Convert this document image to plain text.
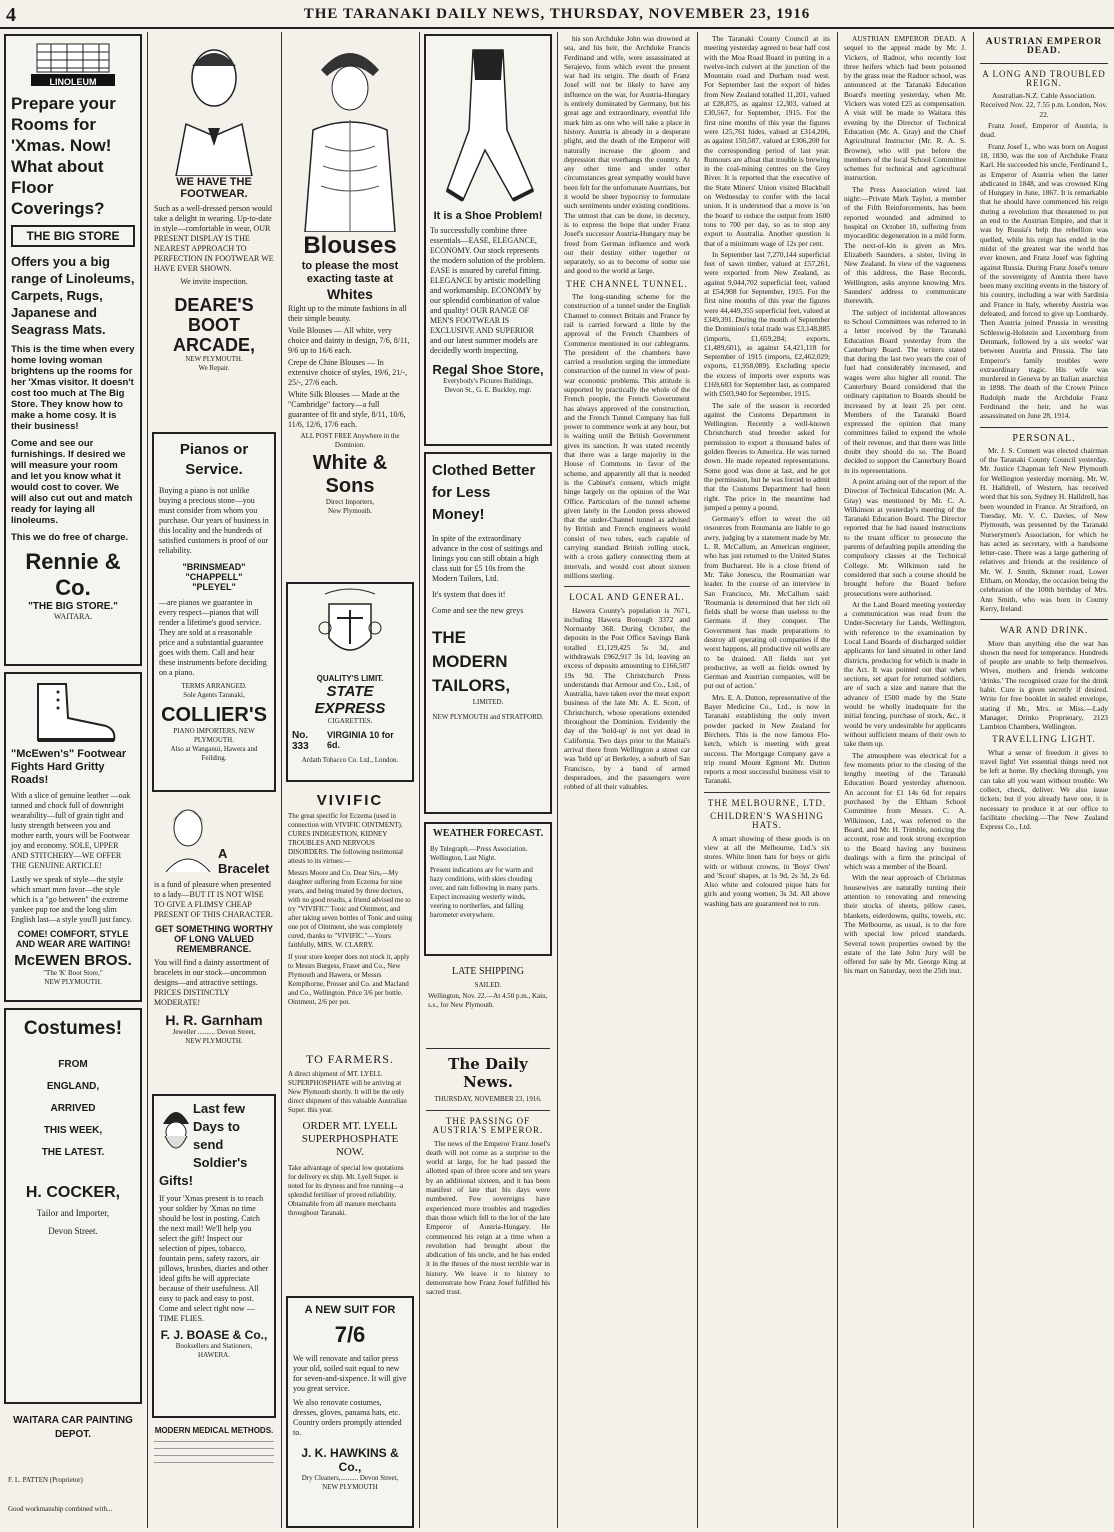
4	THE TARANAKI DAILY NEWS, THURSDAY, NOVEMBER 23, 1916
LINOLEUM
Prepare your Rooms for 'Xmas. Now! What about Floor Coverings?
THE BIG STORE
Offers you a big range of Linoleums, Carpets, Rugs, Japanese and Seagrass Mats.
This is the time when every home loving woman brightens up the rooms for her 'Xmas visitor. It doesn't cost too much at The Big Store. They know how to make a home cosy. It is their business!
Come and see our furnishings. If desired we will measure your room and let you know what it would cost to cover. We will also cut out and match ready for laying all linoleums.
This we do free of charge.
Rennie & Co.
"THE BIG STORE."
WAITARA.
"McEwen's" Footwear Fights Hard Gritty Roads!
With a slice of genuine leather —oak tanned and chock full of downright wearability—full of grain tight and lusty strength between you and mother earth, yours will be Footwear joy and economy. SOLE, UPPER AND STITCHERY—WE OFFER THE GENUINE ARTICLE!
Lastly we speak of style—the style which smart men favor—the style which is a "go between" the extreme yankee pup toe and the long slim English last—a style you'll just fancy.
COME! COMFORT, STYLE AND WEAR ARE WAITING!
McEWEN BROS.
"The 'K' Boot Store,"
NEW PLYMOUTH.
Costumes!
FROM ENGLAND, ARRIVED THIS WEEK, THE LATEST.
H. COCKER,
Tailor and Importer,
Devon Street.
WAITARA CAR PAINTING DEPOT.
F. L. PATTEN (Proprietor)
Good workmanship combined with...
WE HAVE THE FOOTWEAR.
Such as a well-dressed person would take a delight in wearing. Up-to-date in style—comfortable in wear, OUR PRESENT DISPLAY IS THE NEAREST APPROACH TO PERFECTION IN FOOTWEAR WE HAVE EVER SHOWN.
We invite inspection.
DEARE'S BOOT ARCADE,
NEW PLYMOUTH.
We Repair.
Pianos or Service.
Buying a piano is not unlike buying a precious stone—you must consider from whom you purchase. Our years of business in this locality and the hundreds of satisfied customers is proof of our reliability.
"BRINSMEAD"
"CHAPPELL"
"PLEYEL"
—are pianos we guarantee in every respect—pianos that will render a lifetime's good service. They are sold at a reasonable price and a substantial guarantee goes with them. Call and hear these instruments before deciding on a piano.
TERMS ARRANGED.
Sole Agents Taranaki,
COLLIER'S
PIANO IMPORTERS, NEW PLYMOUTH.
Also at Wanganui, Hawera and Feilding.
A Bracelet
is a fund of pleasure when presented to a lady—BUT IT IS NOT WISE TO GIVE A FLIMSY CHEAP PRESENT OF THIS CHARACTER.
GET SOMETHING WORTHY OF LONG VALUED REMEMBRANCE.
You will find a dainty assortment of bracelets in our stock—uncommon designs—and attractive settings. PRICES DISTINCTLY MODERATE!
H. R. Garnham
Jeweller .......... Devon Street,
NEW PLYMOUTH.
Last few Days to send Soldier's Gifts!
If your 'Xmas present is to reach your soldier by 'Xmas no time should be lost in posting. Catch the next mail! We'll help you select the gift! Inspect our selection of pipes, tobacco, fountain pens, safety razors, air pillows, brushes, diaries and other ideal gifts he will appreciate because of their usefulness. All easy to pack and easy to post. Come and select right now — TIME FLIES.
F. J. BOASE & Co.,
Booksellers and Stationers,
HAWERA.
MODERN MEDICAL METHODS.
Blouses
to please the most exacting taste at
Whites
Right up to the minute fashions in all their simple beauty.
Voile Blouses — All white, very choice and dainty in design, 7/6, 8/11, 9/6 up to 16/6 each.
Crepe de Chine Blouses — In extensive choice of styles, 19/6, 21/-, 25/-, 27/6 each.
White Silk Blouses — Made at the "Cambridge" factory—a full guarantee of fit and style, 8/11, 10/6, 11/6, 12/6, 17/6 each.
ALL POST FREE Anywhere in the Dominion.
White & Sons
Direct Importers,
New Plymouth.
QUALITY'S LIMIT.
STATE EXPRESS
CIGARETTES.
No. 333
VIRGINIA 10 for 6d.
Ardath Tobacco Co. Ltd., London.
VIVIFIC
The great specific for Eczema (used in connection with VIVIFIC OINTMENT). CURES INDIGESTION, KIDNEY TROUBLES AND NERVOUS DISORDERS. The following testimonial attests to its virtues:—
Messrs Moore and Co. Dear Sirs,—My daughter suffering from Eczema for nine years, and being treated by three doctors, with no good results, a friend advised me to try "VIVIFIC" Tonic and Ointment, and after taking seven bottles of Tonic and using one pot of Ointment, she was completely cured, thanks to "VIVIFIC."—Yours faithfully, MRS. W. CLARRY.
If your store keeper does not stock it, apply to Messrs Burgess, Fraser and Co., New Plymouth and Hawera, or Messrs Kemplhorne, Prosser and Co. and Macland and Co., Wellington. Price 3/6 per bottle. Ointment, 2/6 per pot.
TO FARMERS.
A direct shipment of MT. LYELL SUPERPHOSPHATE will be arriving at New Plymouth shortly. It will be the only direct shipment of this valuable Australian Super. this year.
ORDER MT. LYELL SUPERPHOSPHATE NOW.
Take advantage of special low quotations for delivery ex ship. Mt. Lyell Super. is noted for its dryness and free running—a splendid fertiliser of proved reliability. Obtainable from all manure merchants throughout Taranaki.
A NEW SUIT FOR
7/6
We will renovate and tailor press your old, soiled suit equal to new for seven-and-sixpence. It will give you great service.
We also renovate costumes, dresses, gloves, panama hats, etc. Country orders promptly attended to.
J. K. HAWKINS & Co.,
Dry Cleaners,.......... Devon Street,
NEW PLYMOUTH
It is a Shoe Problem!
To successfully combine three essentials—EASE, ELEGANCE, ECONOMY. Our stock represents the modern solution of the problem. EASE is assured by careful fitting. ELEGANCE by artistic modelling and workmanship. ECONOMY by our splendid combination of value and quality! OUR RANGE OF MEN'S FOOTWEAR IS EXCLUSIVE AND SUPERIOR and our latest summer models are decidedly worth inspecting.
Regal Shoe Store,
Everybody's Pictures Buildings,
Devon St., G. E. Buckley, mgr.
Clothed Better for Less Money!
In spite of the extraordinary advance in the cost of suitings and linings you can still obtain a high class suit for £5 10s from the Modern Tailors, Ltd.
It's system that does it!
Come and see the new greys
THE MODERN TAILORS,
LIMITED.
NEW PLYMOUTH and STRATFORD.
WEATHER FORECAST.
By Telegraph.—Press Association. Wellington, Last Night.
Present indications are for warm and hazy conditions, with skies clouding over, and rain following in many parts. Expect increasing westerly winds, veering to northerlies, and falling barometer everywhere.
LATE SHIPPING
SAILED.
Wellington, Nov. 22.—At 4.50 p.m., Kaiu, s.s., for New Plymouth.
The Daily News.
THURSDAY, NOVEMBER 23, 1916.
THE PASSING OF AUSTRIA'S EMPEROR.

The news of the Emperor Franz Josef's death will not come as a surprise to the world at large, for he had passed the allotted span of three score and ten years by an additional sixteen, and it has been manifest of late that his days were numbered. Few sovereigns have experienced more troubles and tragedies than those which fell to the lot of the late Emperor of Austria-Hungary. He commenced his reign at a time when a revolution had brought about the abdication of his uncle, and he has ended it in the throes of the most terrible war in history. We leave it to history to demonstrate how Franz Josef fulfilled his sacred trust.

his son Archduke John was drowned at sea, and his heir, the Archduke Francis Ferdinand and wife, were assassinated at Serajevo, from which event the present war had its origin. The death of Franz Josef will not be likely to have any influence on the war, for Austria-Hungary is entirely dominated by Germany, but his great age and extraordinary, eventful life mark him as one who will take a place in history. Austria is already in a desperate plight, and the death of the Emperor will naturally increase the gloom and depression that overhangs the country. At any other time and under other circumstances great sympathy would have been felt for the unfortunate Austrians, but it would be sheer hypocrisy to formulate such sentiments under existing conditions. The utmost that can be done, in decency, is to express the hope that under Franz Josef's successor Austria-Hungary may be freed from German influence and work out their destiny either together or separately, so as to become of some use and good to the world at large.

THE CHANNEL TUNNEL.

The long-standing scheme for the construction of a tunnel under the English Channel to connect Britain and France by rail is carried forward a little by the approval of the French Chambers of Commerce mentioned in our cablegrams. The president of the chambers have carried a resolution urging the immediate construction of the tunnel in view of post-war economic problems. This attitude is supported by practically the whole of the French people, the French Government has always approved of the construction, and the French Tunnel Company has full power to commence work at any hour, but is waiting until the British Government gives its sanction. It was stated recently that there was a large majority in the House of Commons in favor of the scheme, and apparently all that is needed is the Cabinet's consent, which might hinge largely on the opinion of the War Office. Particulars of the tunnel scheme given lately in the London press showed that the under-Channel tunnel as advised by British and French engineers would consist of two tubes, each capable of carrying standard British rolling stock, with a cross gallery connecting them at intervals, and would cost about sixteen millions sterling.

LOCAL AND GENERAL.

Hawera County's population is 7671, including Hawera Borough 3372 and Normanby 368. During October, the deposits in the Post Office Savings Bank totalled £1,129,425 5s 3d, and withdrawals £962,917 3s 1d, leaving an excess of deposits amounting to £166,507 19s 9d. The Christchurch Press understands that Armour and Co., Ltd., of Australia, have taken over the meat export business of the late Mr. A. E. Scott, of Christchurch, whose operations extended throughout the Dominion. Evidently the day of the 'hold-up' is not yet dead in California. Two days prior to the Maitai's arrival there from Wellington a street car was 'held up' at Berkeley, a suburb of San Francisco, by a band of armed desperadoes, and the passengers were robbed of all their valuables.

The Taranaki County Council at its meeting yesterday agreed to bear half cost with the Moa Road Board in putting in a twelve-inch culvert at the junction of the Mountain road and Durham road west. For September last the export of hides from New Zealand totalled 11,201, valued at £28,875, as against 12,303, valued at £30,567, for September, 1915. For the first nine months of this year the figures were 125,761 hides, valued at £314,206, as against 150,587, valued at £306,200 for the corresponding period of last year. Rumours are afloat that trouble is brewing in the coal-mining centres on the Grey River. It is reported that the executive of the State Miners' Union visited Blackball on Wednesday to confer with the local union. It is understood that a move is 'on the board' to reduce the output from 1600 tons to 700 per day, so as to stop any export to Australia. Another question is that of a minimum wage of 12s per cent.

In September last 7,270,144 superficial feet of sawn timber, valued at £57,261, were exported from New Zealand, as against 9,044,702 superficial feet, valued at £54,908 for September, 1915. For the first nine months of this year the figures were 44,449,355 superficial feet, valued at £349,391. During the month of September the Dominion's total trade was £3,148,885 (imports, £1,659,284; exports, £1,489,601), as against £4,421,118 for September of 1915 (imports, £2,462,029; exports, £1,958,089). Excluding specie the excess of imports over exports was £169,683 for September last, as compared with £503,940 for September, 1915.

The sale of the season is recorded against the Customs Department in Wellington. Recently a well-known Christchurch stud breeder asked for permission to export a thousand bales of golden fleeces to America. He was turned down. He made repeated representations. Some good was done at last, and he got the permission, but he was forced to admit that the Customs Department had been right. The price in the meantime had jumped a penny a pound.

Germany's effort to wrest the oil resources from Roumania are liable to go awry, judging by a statement made by Mr. L. R. McCallum, an American engineer, who has just returned to the United States from Bucharest. He is a close friend of Mr. Take Jonescu, the Roumanian war leader. In the course of an interview in San Francisco, Mr. McCallum said: 'Roumania is determined that her rich oil fields shall be worse than useless to the Germans if they conquer. The Government has made preparations to destroy all operating oil companies if the worst happens, all productive oil wells are to be drained. All fields not yet productive, as well as fields owned by German and Austrian companies, will be put out of action.'

Mrs. E. A. Dutton, representative of the Bayer Medicine Co., Ltd., is now in Taranaki establishing the only invert powder packed in New Zealand for Birchers. This is the now famous Flo-ketch, which is meeting with great success. The Mortgage Company gave a trip round Mount Egmont Mr. Dutton reports a most successful business visit to Taranaki.

THE MELBOURNE, LTD.
CHILDREN'S WASHING HATS.

A smart showing of these goods is on view at all the Melbourne, Ltd.'s six stores. White linen hats for boys or girls with or without crowns, in 'Boys' Own' and 'Scout' shapes, at 1s 9d, 2s 3d, 2s 6d. Also white and coloured pique hats for girls and young women, 3s 3d. All above washing hats are guaranteed not to run.

AUSTRIAN EMPEROR DEAD. A sequel to the appeal made by Mr. J. Vickers, of Radnor, who recently lost three heifers which had been poisoned by the grass near the Radnor school, was announced at the Taranaki Education Board's meeting yesterday, when Mr. Vickers was voted £25 as compensation. A visit will be made to Waitara this evening by the Director of Technical Education (Mr. A. Gray) and the Chief Agricultural Instructor (Mr. R. A. S. Browne), who will put before the members of the local School Committee schemes for technical and agricultural instruction.

The Press Association wired last night:—Private Mark Taylor, a member of the Fifth Reinforcements, has been reported wounded and admitted to hospital on October 10, suffering from myocarditic degeneration in a mild form. The next-of-kin is given as Mrs. Elizabeth Saunders, a sister, living in New Zealand. In view of the vagueness of this address, the Base Records, Wellington, asks anyone knowing Mrs. Saunders' address to communicate therewith.

The subject of incidental allowances to School Committees was referred to in a letter received by the Taranaki Education Board yesterday from the Canterbury Board. The writers stated that during the last two years the cost of fuel had considerably increased, and wages were also higher all round. The Canterbury Board considered that the ordinary capitation to Boards should be increased by at least 25 per cent. Members of the Taranaki Board expressed the opinion that many committees failed to expend the whole of their revenue, and that there was little doubt they should do so. The Board decided to support the Canterbury Board in its representations.

A point arising out of the report of the Director of Technical Education (Mr. A. Gray) was mentioned by Mr. C. A. Wilkinson at yesterday's meeting of the Taranaki Education Board. The Director reported that he had issued instructions to the truant officer to prosecute the parents of defaulting pupils attending the compulsory classes at the Technical College. Mr. Wilkinson said he considered that such a course should be brought before the Board before prosecutions were authorised.

At the Land Board meeting yesterday a communication was read from the Under-Secretary for Lands, Wellington, with reference to the examination by Local Land Boards of discharged soldier applicants for land situated in other land districts, producing for which is made in the Act. It was pointed out that when sections, set apart for returned soldiers, are of such a size and nature that the advance of £500 made by the State would be wholly inadequate for the initial fencing, purchase of stock, &c., it would be very undesirable for applicants without sufficient means of their own to take them up.

The atmosphere was electrical for a few moments prior to the closing of the lengthy meeting of the Taranaki Education Board yesterday afternoon. An account for £1 14s 6d for repairs purchased by the Eltham School Committee from Messrs. C. A. Wilkinson, Ltd., was referred to the Board, and Mr. H. Trimble, noticing the account, rose and took strong exception to the Board having any business dealings with a firm the principal of which was a member of the Board.

With the near approach of Christmas housewives are naturally turning their attention to renovating and renewing their stocks of sheets, pillow cases, blankets, eiderdowns, quilts, towels, etc. The Melbourne, as usual, is to the fore with special low priced standards. Several town properties owned by the estate of the late John Jury will be offered for sale by Mr. George King at his mart on Saturday, next the 25th inst.

AUSTRIAN EMPEROR DEAD.
A LONG AND TROUBLED REIGN.

Australian-N.Z. Cable Association. Received Nov. 22, 7.55 p.m. London, Nov. 22.

Franz Josef, Emperor of Austria, is dead.

Franz Josef I., who was born on August 18, 1830, was the son of Archduke Franz Karl. He succeeded his uncle, Ferdinand I., as Emperor of Austria when the latter abdicated in 1848, and was crowned King of Hungary in June, 1867. It is remarkable that he should have commenced his reign during a revolution that threatened to put an end to the Austrian Empire, and that it was by Russia's help the rebellion was quelled, while his reign has ended in the midst of the greatest war the world has ever known, and Franz Josef was fighting against Russia. During Franz Josef's tenure of the sovereignty of Austria there have been many exciting events in the history of his country, including a war with Sardinia and France in Italy, whereby Austria was defeated, and forced to give up Lombardy. Then Austria joined Prussia in wresting Schleswig-Holstein and Luxemburg from Denmark, followed by a six weeks' war between Austria and Prussia. The late Emperor's family troubles were extraordinary tragic. His wife was murdered in Geneva by an Italian anarchist in 1898. The death of the Crown Prince Rudolph made the Archduke Franz Ferdinand the heir, and he was assassinated on June 28, 1914.

PERSONAL.

Mr. J. S. Connett was elected chairman of the Taranaki County Council yesterday. Mr. Justice Chapman left New Plymouth for Wellington yesterday morning. Mr. W. H. Halldrell, of Western, has received word that his son, Sydney H. Halldrell, has been wounded in France. At Stratford, on Tuesday, Mr. V. C. Davies, of New Plymouth, was presented by the Taranaki Nurserymen's Association, for which he has acted as secretary, with a handsome letter-case. There was a large gathering of relatives and friends at the residence of Mr. W. J. Smith, Skinner road, Lower Eltham, on Monday, the occasion being the celebration of the 100th birthday of Mrs. Ann Smith, who was born in County Kerry, Ireland.

WAR AND DRINK.

More than anything else the war has shown the need for temperance. Hundreds of people are unable to help themselves. Wives, mothers and friends welcome 'drinks.' The recognised craze for the drink habit. Cure is given secretly if desired. Write for free booklet in sealed envelope, stating if Mr., Mrs. or Miss.—Lady Manager, Drinko Proprietary, 2123 Lambton Chambers, Wellington.

TRAVELLING LIGHT.

What a sense of freedom it gives to travel light! Yet essential things need not be left at home. By checking through, you can take all you want without trouble. We collect, check, deliver. We also issue tickets; but if you already have one, it is necessary to produce it at our office to facilitate checking.—The New Zealand Express Co., Ltd.
